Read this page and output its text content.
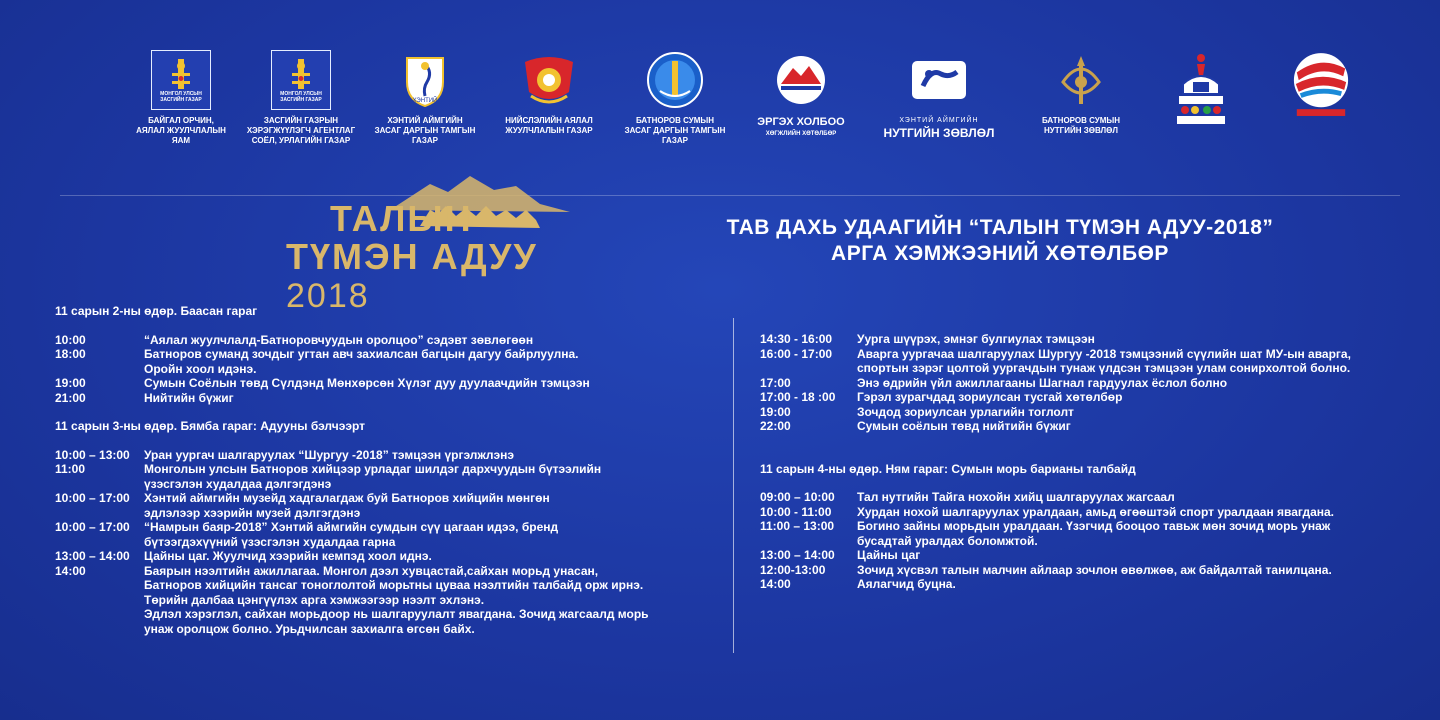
МОНГОЛ УЛСЫН
ЗАСГИЙН ГАЗАР
БАЙГАЛ ОРЧИН,
АЯЛАЛ ЖУУЛЧЛАЛЫН
ЯАМ
МОНГОЛ УЛСЫН
ЗАСГИЙН ГАЗАР
ЗАСГИЙН ГАЗРЫН
ХЭРЭГЖҮҮЛЭГЧ АГЕНТЛАГ
СОЁЛ, УРЛАГИЙН ГАЗАР
ХЭНТИЙ
ХЭНТИЙ АЙМГИЙН
ЗАСАГ ДАРГЫН ТАМГЫН
ГАЗАР
НИЙСЛЭЛИЙН АЯЛАЛ
ЖУУЛЧЛАЛЫН ГАЗАР
БАТНОРОВ СУМЫН
ЗАСАГ ДАРГЫН ТАМГЫН
ГАЗАР
ЭРГЭХ ХОЛБОО
ХӨГЖЛИЙН ХӨТӨЛБӨР
ХЭНТИЙ АЙМГИЙН
НУТГИЙН ЗӨВЛӨЛ
БАТНОРОВ СУМЫН
НУТГИЙН ЗӨВЛӨЛ
ТАЛЫН
ТҮМЭН АДУУ 2018
ТАВ ДАХЬ УДААГИЙН “ТАЛЫН ТҮМЭН АДУУ-2018”
АРГА ХЭМЖЭЭНИЙ ХӨТӨЛБӨР
11 сарын 2-ны өдөр. Баасан гараг
10:00	“Аялал жуулчлалд-Батноровчуудын оролцоо” сэдэвт зөвлөгөөн
18:00	Батноров суманд зочдыг угтан авч захиалсан багцын дагуу байрлуулна.
Оройн хоол идэнэ.
19:00	Сумын Соёлын төвд Сүлдэнд Мөнхөрсөн Хүлэг дуу дуулаачдийн тэмцээн
21:00	Нийтийн бүжиг
11 сарын 3-ны өдөр. Бямба гараг: Адууны бэлчээрт
10:00 – 13:00	Уран уургач шалгаруулах “Шургуу -2018” тэмцээн үргэлжлэнэ
11:00	Монголын улсын Батноров хийцээр урладаг шилдэг дархчуудын бүтээлийн
үзэсгэлэн худалдаа дэлгэгдэнэ
10:00 – 17:00	Хэнтий аймгийн музейд хадгалагдаж буй Батноров хийцийн мөнгөн
эдлэлээр хээрийн музей дэлгэгдэнэ
10:00 – 17:00	“Намрын баяр-2018” Хэнтий аймгийн сумдын сүү цагаан идээ, бренд
бүтээгдэхүүний үзэсгэлэн худалдаа гарна
13:00 – 14:00	Цайны цаг. Жуулчид хээрийн кемпэд хоол иднэ.
14:00	Баярын нээлтийн ажиллагаа. Монгол дээл хувцастай,сайхан морьд унасан,
Батноров хийцийн тансаг тоноглолтой морьтны цуваа нээлтийн талбайд орж ирнэ.
Төрийн далбаа цэнгүүлэх арга хэмжээгээр нээлт эхлэнэ.
Эдлэл хэрэглэл, сайхан морьдоор нь шалгаруулалт явагдана. Зочид жагсаалд морь
унаж оролцож болно. Урьдчилсан захиалга өгсөн байх.
14:30 - 16:00	Уурга шүүрэх, эмнэг булгиулах тэмцээн
16:00 - 17:00	Аварга уургачаа шалгаруулах Шургуу -2018 тэмцээний сүүлийн шат МУ-ын аварга,
спортын зэрэг цолтой уургачдын тунаж үлдсэн тэмцээн улам сонирхолтой болно.
17:00	Энэ өдрийн үйл ажиллагааны Шагнал гардуулах ёслол болно
17:00 - 18 :00	Гэрэл зурагчдад зориулсан тусгай хөтөлбөр
19:00	Зочдод зориулсан урлагийн тоглолт
22:00	Сумын соёлын төвд нийтийн бүжиг
11 сарын 4-ны өдөр. Ням гараг: Сумын морь барианы талбайд
09:00 – 10:00	Тал нутгийн Тайга нохойн хийц шалгаруулах жагсаал
10:00 - 11:00	Хурдан нохой шалгаруулах уралдаан, амьд өгөөштэй спорт уралдаан явагдана.
11:00 – 13:00	Богино зайны морьдын уралдаан. Үзэгчид бооцоо тавьж мөн зочид морь унаж
бусадтай уралдах боломжтой.
13:00 – 14:00	Цайны цаг
12:00-13:00	Зочид хүсвэл талын малчин айлаар зочлон өвөлжөө, аж байдалтай танилцана.
14:00	Аялагчид буцна.
